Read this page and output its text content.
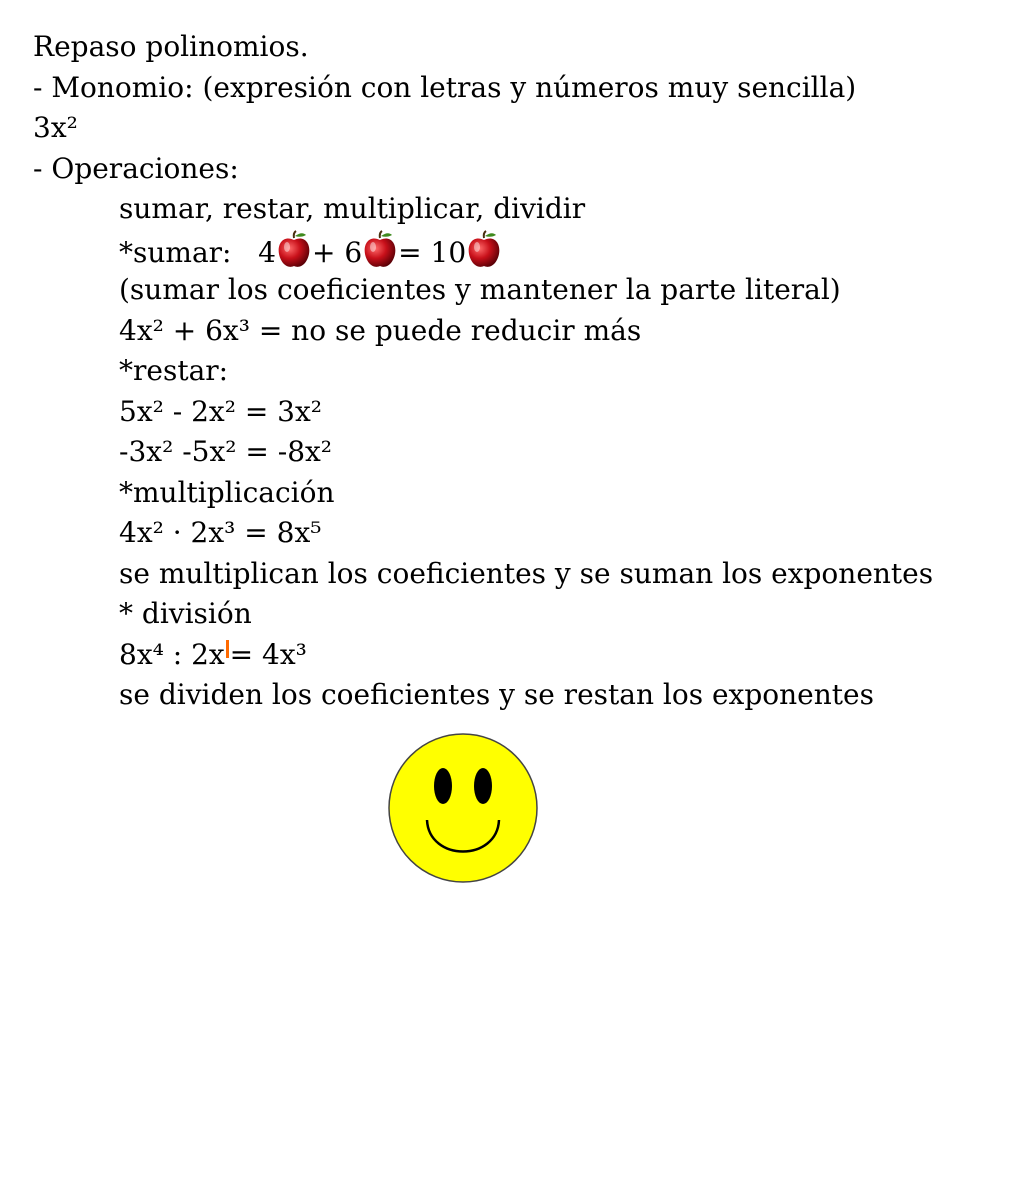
Repaso polinomios.
- Monomio: (expresión con letras y números muy sencilla)
3x²
- Operaciones:
sumar, restar, multiplicar, dividir
*sumar:   4 + 6 = 10
(sumar los coeficientes y mantener la parte literal)
4x² + 6x³ = no se puede reducir más
*restar:
5x² - 2x² = 3x²
-3x² -5x² = -8x²
*multiplicación
4x² · 2x³ = 8x⁵
se multiplican los coeficientes y se suman los exponentes
* división
8x⁴ : 2x = 4x³
se dividen los coeficientes y se restan los exponentes
